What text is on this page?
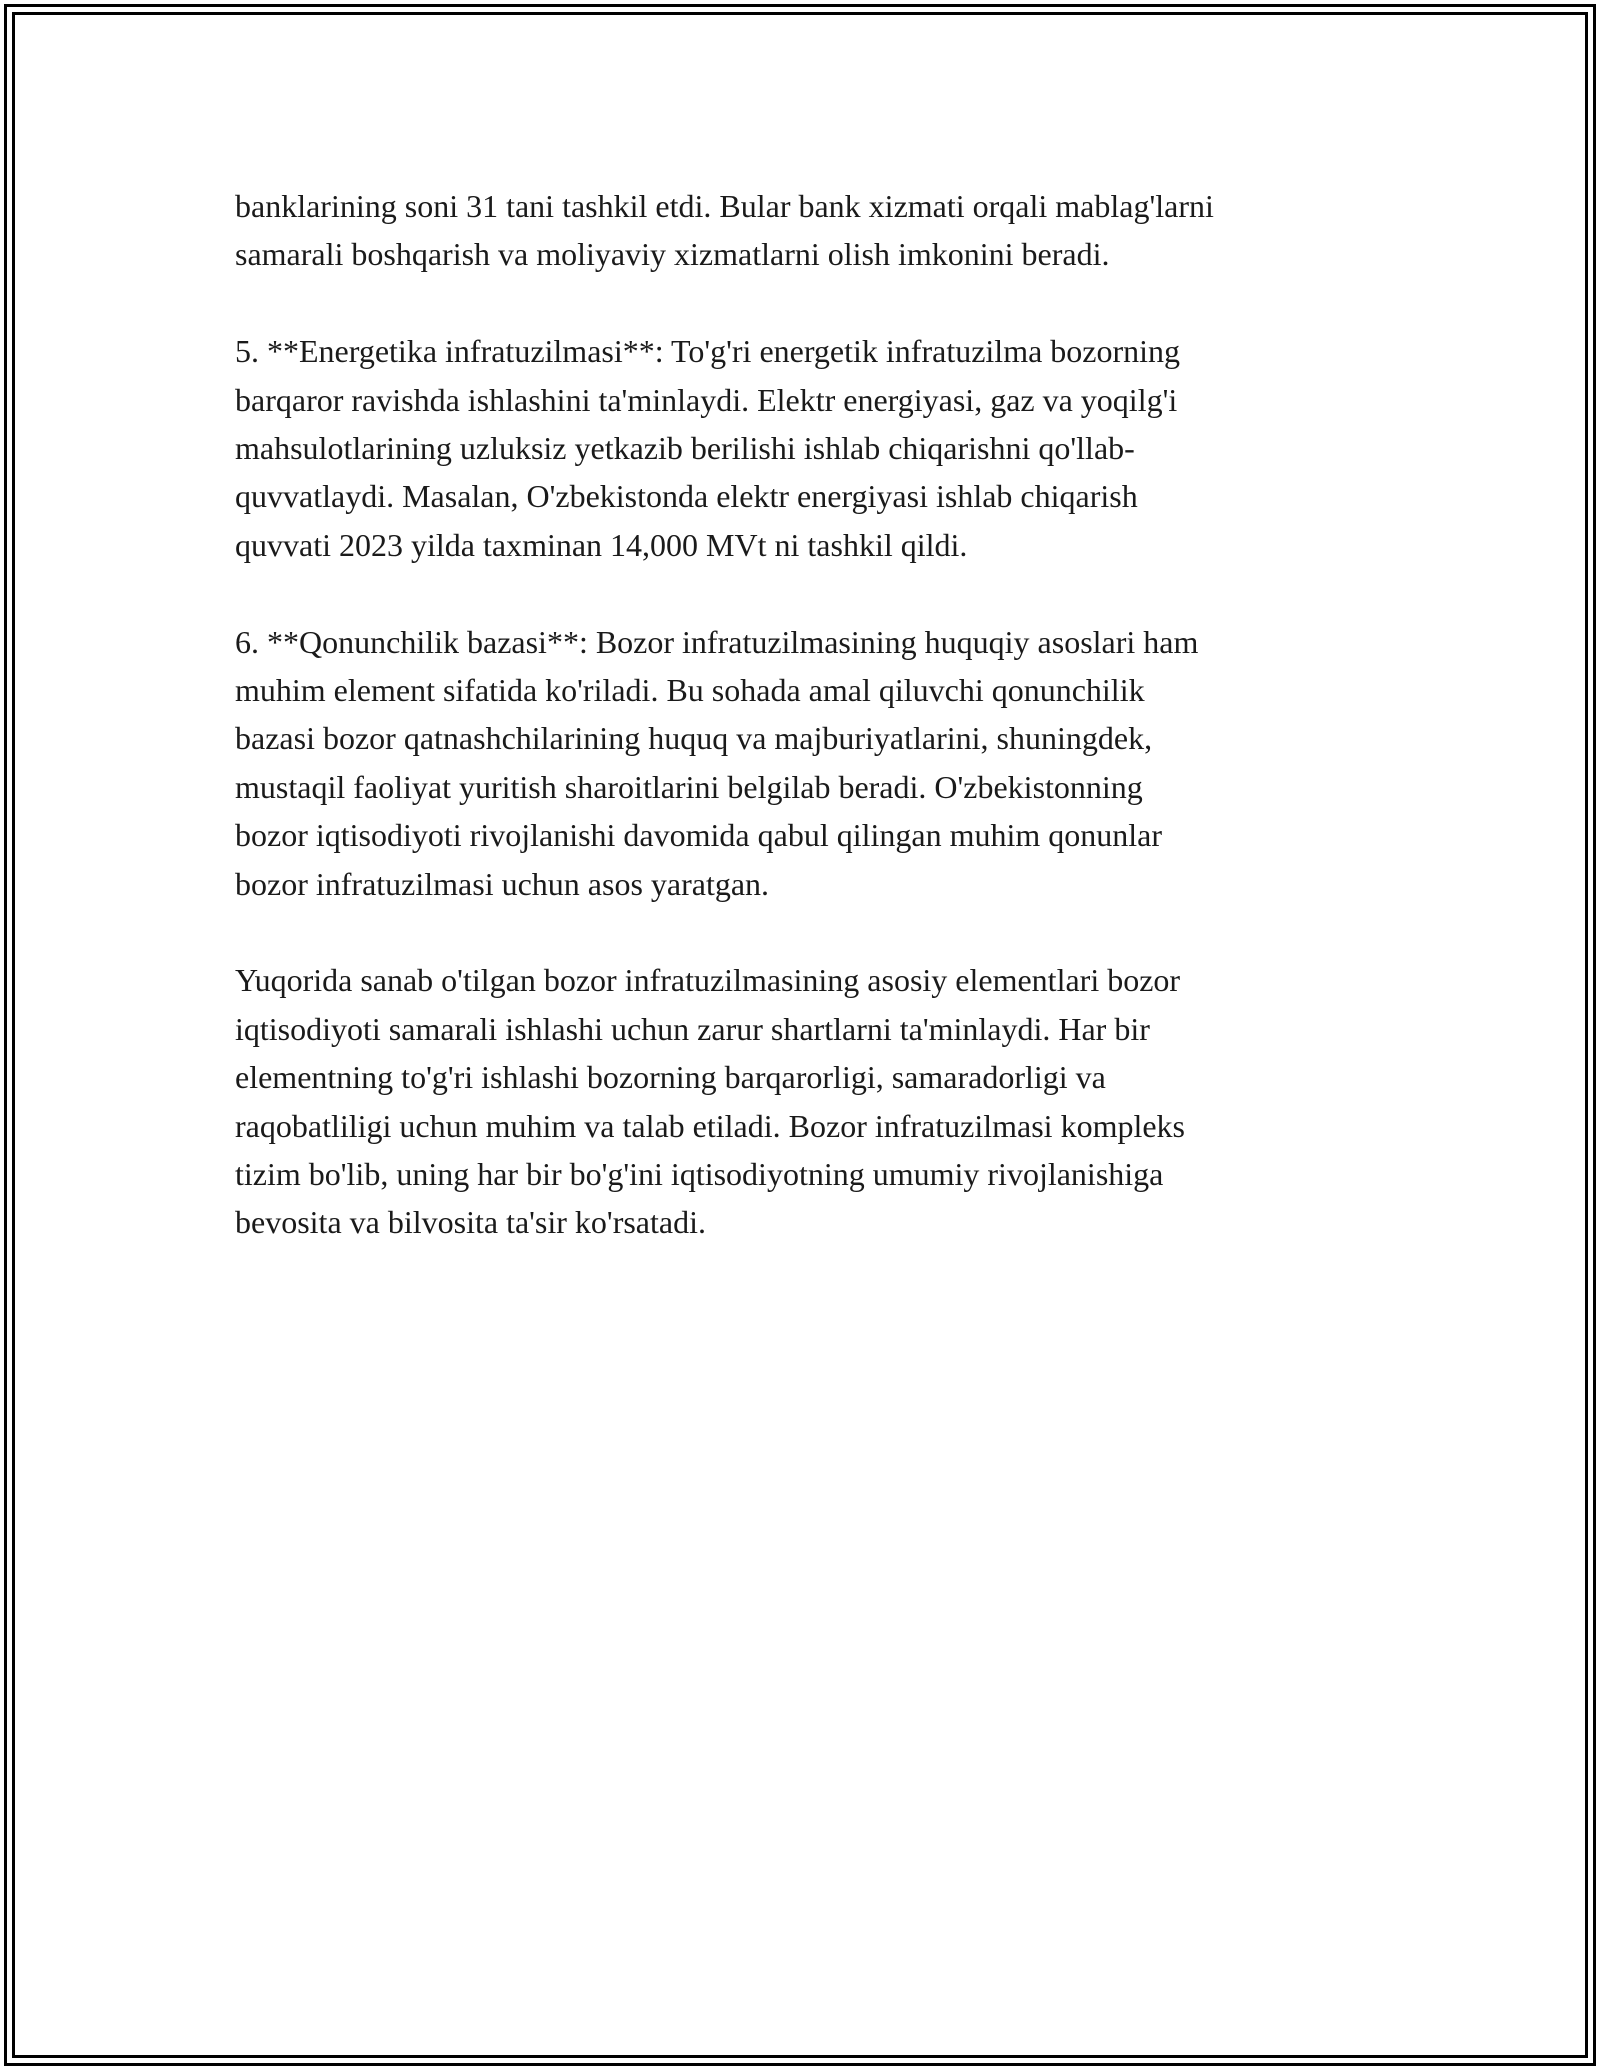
banklarining soni 31 tani tashkil etdi. Bular bank xizmati orqali mablag'larni
samarali boshqarish va moliyaviy xizmatlarni olish imkonini beradi.

5. **Energetika infratuzilmasi**: To'g'ri energetik infratuzilma bozorning
barqaror ravishda ishlashini ta'minlaydi. Elektr energiyasi, gaz va yoqilg'i
mahsulotlarining uzluksiz yetkazib berilishi ishlab chiqarishni qo'llab-
quvvatlaydi. Masalan, O'zbekistonda elektr energiyasi ishlab chiqarish
quvvati 2023 yilda taxminan 14,000 MVt ni tashkil qildi.

6. **Qonunchilik bazasi**: Bozor infratuzilmasining huquqiy asoslari ham
muhim element sifatida ko'riladi. Bu sohada amal qiluvchi qonunchilik
bazasi bozor qatnashchilarining huquq va majburiyatlarini, shuningdek,
mustaqil faoliyat yuritish sharoitlarini belgilab beradi. O'zbekistonning
bozor iqtisodiyoti rivojlanishi davomida qabul qilingan muhim qonunlar
bozor infratuzilmasi uchun asos yaratgan.

Yuqorida sanab o'tilgan bozor infratuzilmasining asosiy elementlari bozor
iqtisodiyoti samarali ishlashi uchun zarur shartlarni ta'minlaydi. Har bir
elementning to'g'ri ishlashi bozorning barqarorligi, samaradorligi va
raqobatliligi uchun muhim va talab etiladi. Bozor infratuzilmasi kompleks
tizim bo'lib, uning har bir bo'g'ini iqtisodiyotning umumiy rivojlanishiga
bevosita va bilvosita ta'sir ko'rsatadi.
